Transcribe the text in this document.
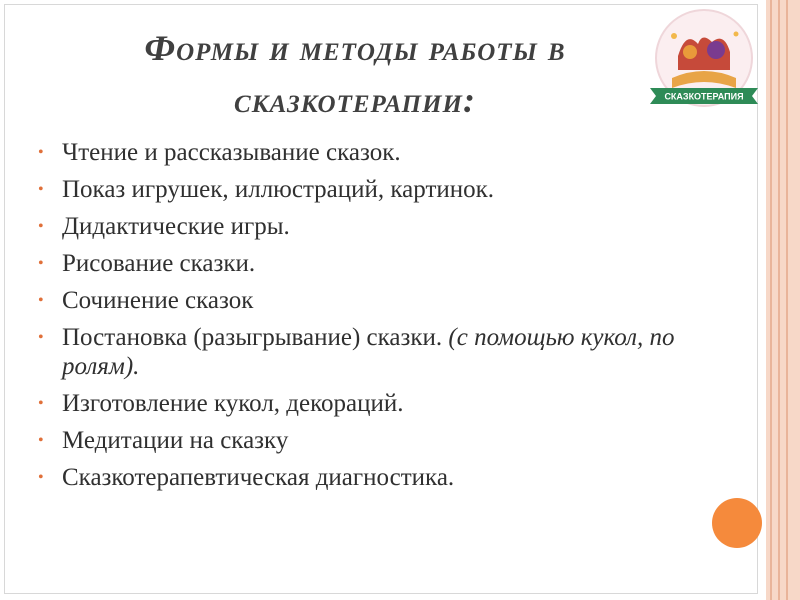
Формы и методы работы в
сказкотерапии:	СКАЗКОТЕРАПИЯ
• Чтение и рассказывание сказок.
• Показ игрушек, иллюстраций, картинок.
• Дидактические игры.
• Рисование сказки.
• Сочинение сказок
• Постановка (разыгрывание) сказки. (с помощью кукол, по ролям).
• Изготовление кукол, декораций.
• Медитации на сказку
• Сказкотерапевтическая диагностика.
